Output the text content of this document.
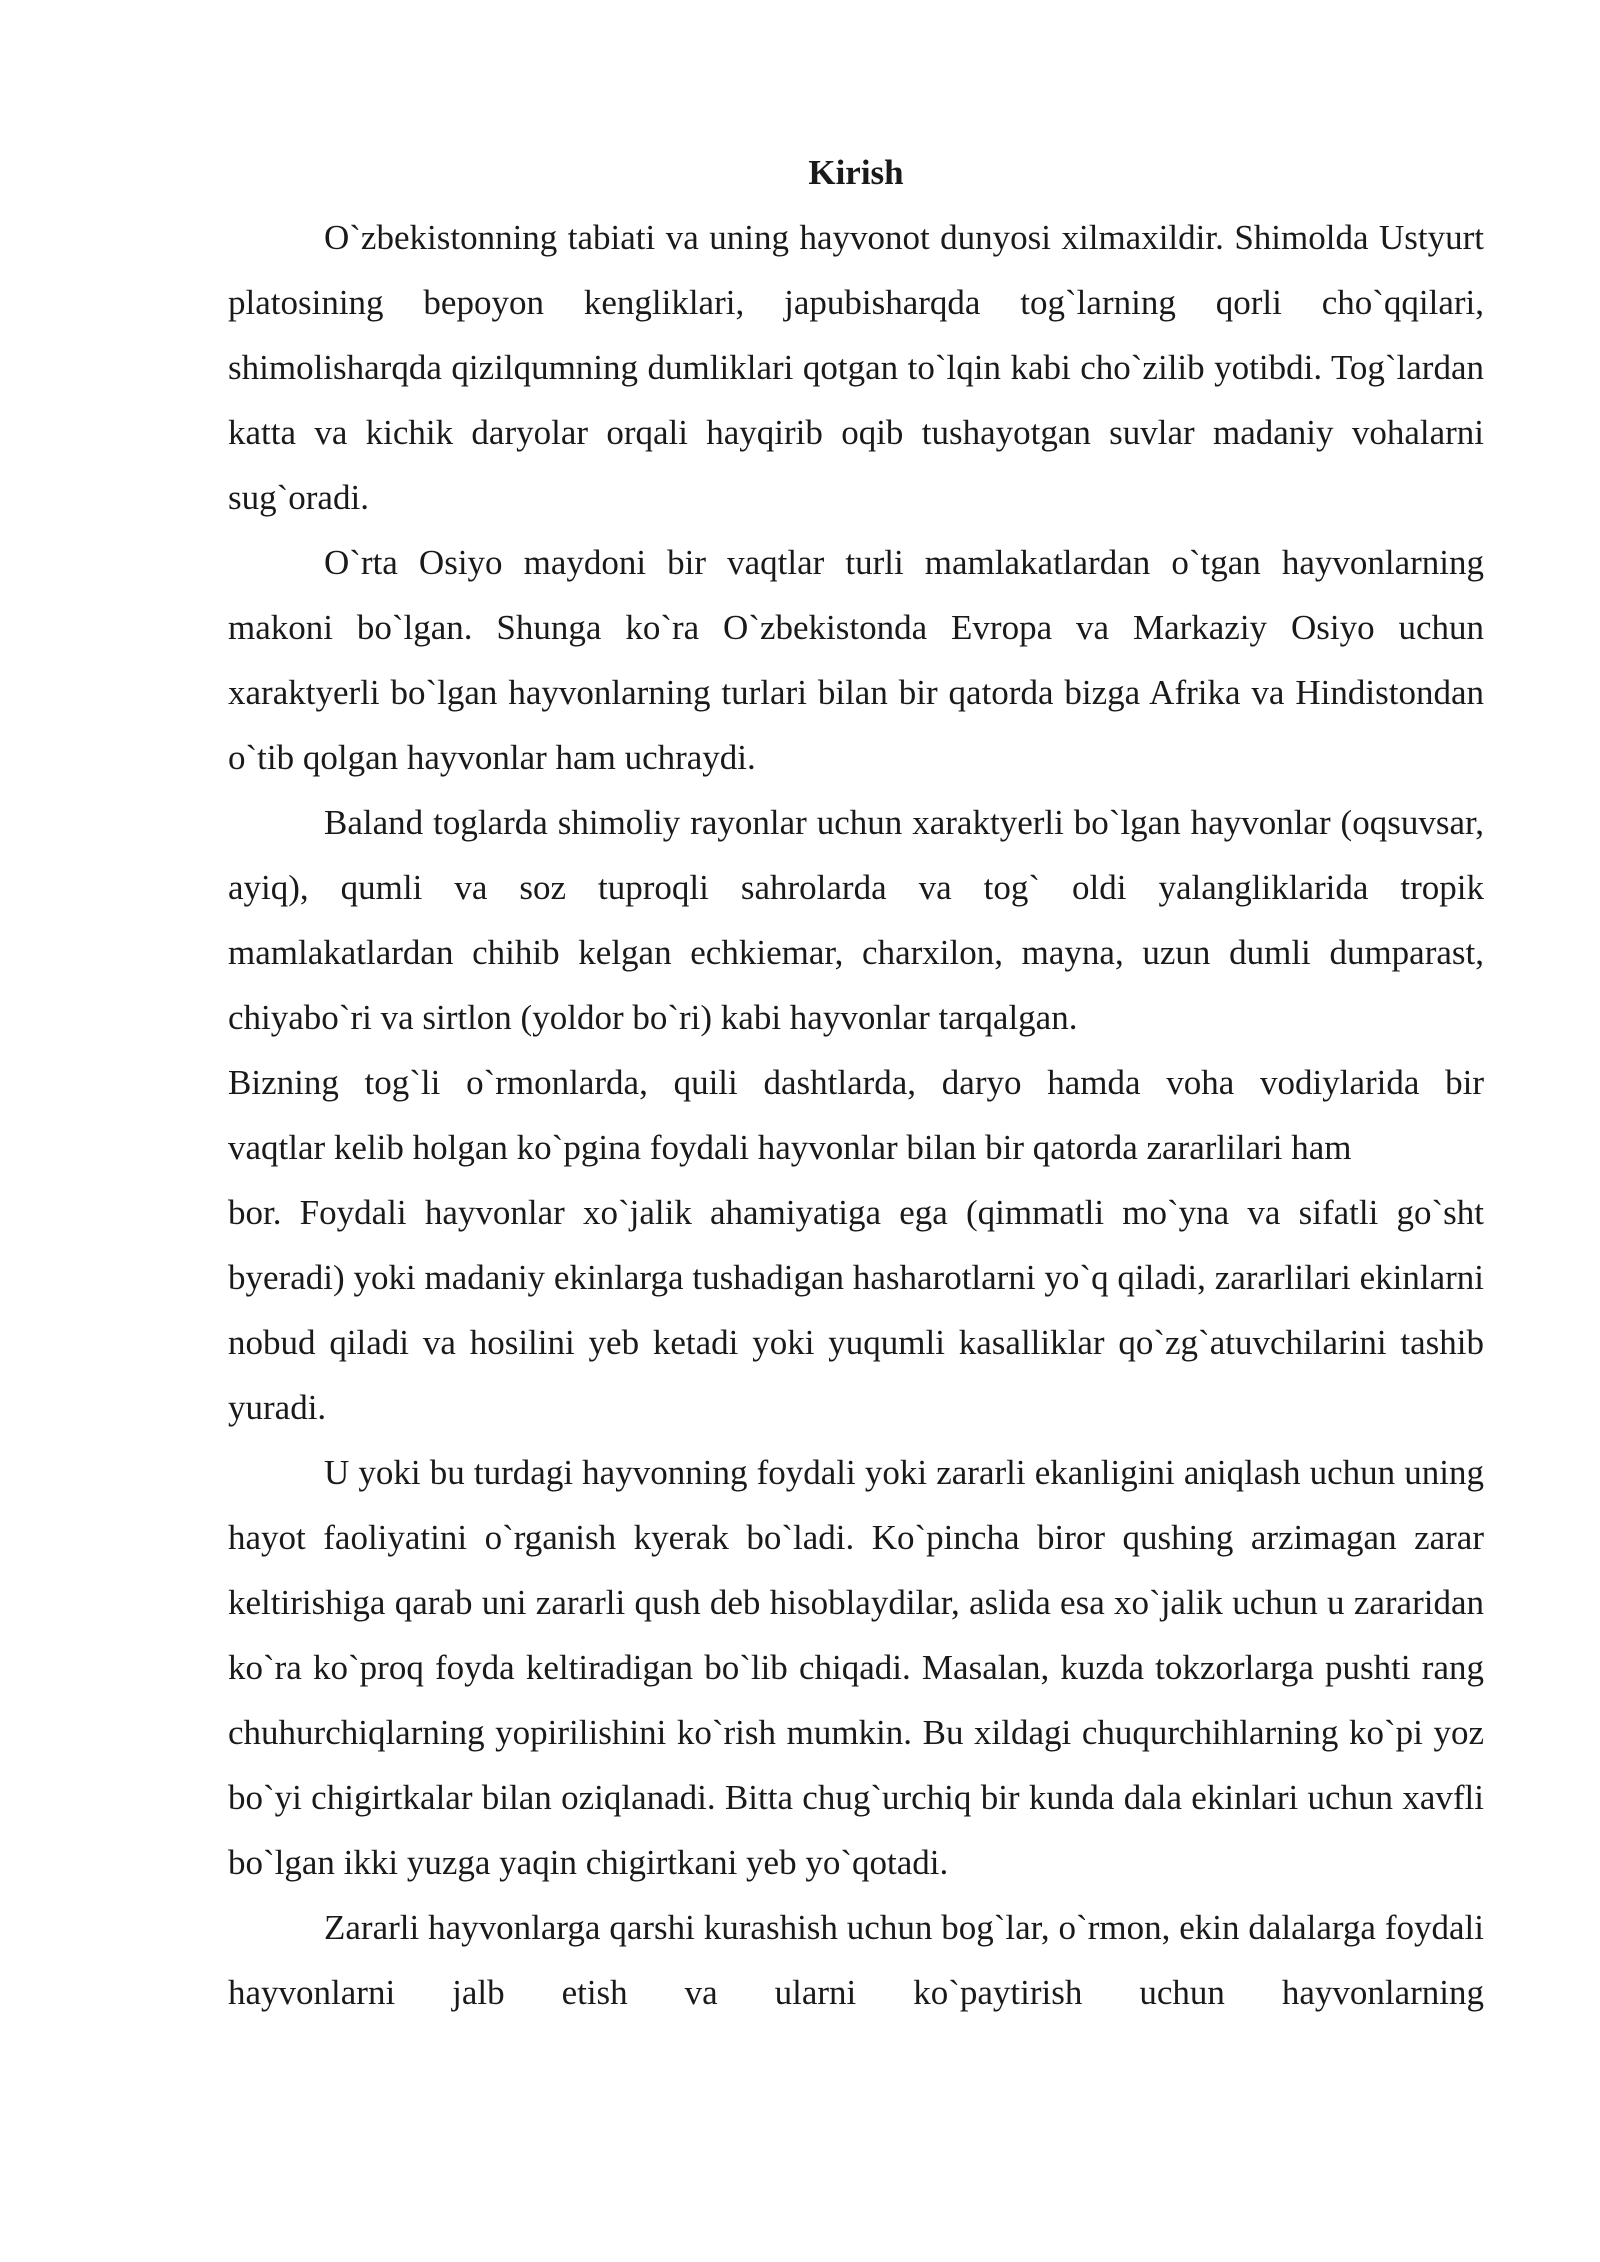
Kirish

O`zbekistonning tabiati va uning hayvonot dunyosi xilmaxildir. Shimolda Ustyurt platosining bepoyon kengliklari, japubisharqda tog`larning qorli cho`qqilari, shimolisharqda qizilqumning dumliklari qotgan to`lqin kabi cho`zilib yotibdi. Tog`lardan katta va kichik daryolar orqali hayqirib oqib tushayotgan suvlar madaniy vohalarni sug`oradi.

O`rta Osiyo maydoni bir vaqtlar turli mamlakatlardan o`tgan hayvonlarning makoni bo`lgan. Shunga ko`ra O`zbekistonda Evropa va Markaziy Osiyo uchun xaraktyerli bo`lgan hayvonlarning turlari bilan bir qatorda bizga Afrika va Hindistondan o`tib qolgan hayvonlar ham uchraydi.

Baland toglarda shimoliy rayonlar uchun xaraktyerli bo`lgan hayvonlar (oqsuvsar, ayiq), qumli va soz tuproqli sahrolarda va tog` oldi yalangliklarida tropik mamlakatlardan chihib kelgan echkiemar, charxilon, mayna, uzun dumli dumparast, chiyabo`ri va sirtlon (yoldor bo`ri) kabi hayvonlar tarqalgan.

Bizning tog`li o`rmonlarda, quili dashtlarda, daryo hamda voha vodiylarida bir
vaqtlar kelib holgan ko`pgina foydali hayvonlar bilan bir qatorda zararlilari ham
bor. Foydali hayvonlar xo`jalik ahamiyatiga ega (qimmatli mo`yna va sifatli go`sht byeradi) yoki madaniy ekinlarga tushadigan hasharotlarni yo`q qiladi, zararlilari ekinlarni nobud qiladi va hosilini yeb ketadi yoki yuqumli kasalliklar qo`zg`atuvchilarini tashib yuradi.

U yoki bu turdagi hayvonning foydali yoki zararli ekanligini aniqlash uchun uning hayot faoliyatini o`rganish kyerak bo`ladi. Ko`pincha biror qushing arzimagan zarar keltirishiga qarab uni zararli qush deb hisoblaydilar, aslida esa xo`jalik uchun u zararidan ko`ra ko`proq foyda keltiradigan bo`lib chiqadi. Masalan, kuzda tokzorlarga pushti rang chuhurchiqlarning yopirilishini ko`rish mumkin. Bu xildagi chuqurchihlarning ko`pi yoz bo`yi chigirtkalar bilan oziqlanadi. Bitta chug`urchiq bir kunda dala ekinlari uchun xavfli bo`lgan ikki yuzga yaqin chigirtkani yeb yo`qotadi.

Zararli hayvonlarga qarshi kurashish uchun bog`lar, o`rmon, ekin dalalarga foydali hayvonlarni jalb etish va ularni ko`paytirish uchun hayvonlarning
